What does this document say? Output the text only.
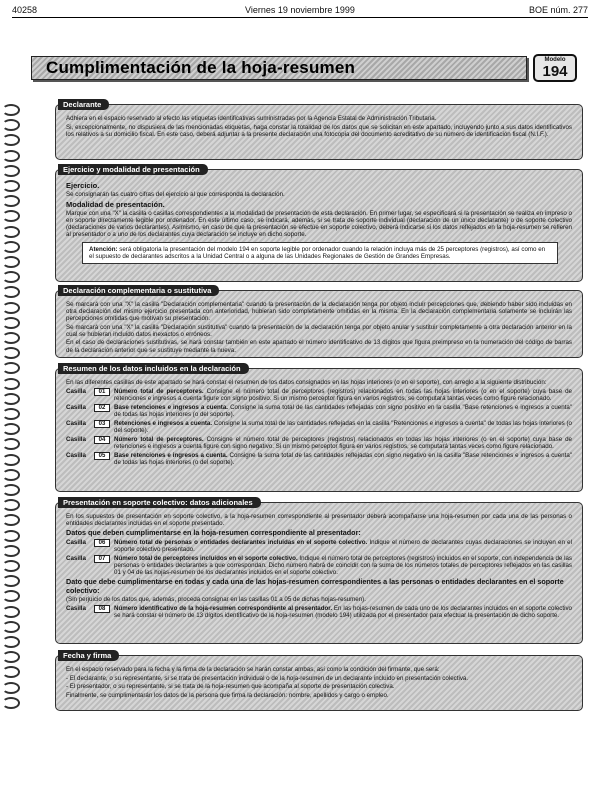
40258	Viernes 19 noviembre 1999	BOE núm. 277
Cumplimentación de la hoja-resumen	Modelo
194
Declarante

Adhiera en el espacio reservado al efecto las etiquetas identificativas suministradas por la Agencia Estatal de Administración Tributaria.

Si, excepcionalmente, no dispusiera de las mencionadas etiquetas, haga constar la totalidad de los datos que se solicitan en este apartado, incluyendo junto a sus datos identificativos los relativos a su domicilio fiscal. En este caso, deberá adjuntar a la presente declaración una fotocopia del documento acreditativo de su número de identificación fiscal (N.I.F.).

Ejercicio y modalidad de presentación
Ejercicio.

Se consignarán las cuatro cifras del ejercicio al que corresponda la declaración.

Modalidad de presentación.

Marque con una "X" la casilla o casillas correspondientes a la modalidad de presentación de esta declaración. En primer lugar, se especificará si la presentación se realiza en impreso o en soporte directamente legible por ordenador. En este último caso, se indicará, además, si se trata de soporte individual (declaración de un único declarante) o de soporte colectivo (declaraciones de varios declarantes). Asimismo, en caso de que la presentación se efectúe en soporte colectivo, deberá indicarse si los datos reflejados en la hoja-resumen se refieren al presentador o a uno de los declarantes cuya declaración se incluye en dicho soporte.

Atención: será obligatoria la presentación del modelo 194 en soporte legible por ordenador cuando la relación incluya más de 25 perceptores (registros), así como en el supuesto de declarantes adscritos a la Unidad Central o a alguna de las Unidades Regionales de Gestión de Grandes Empresas.
Declaración complementaria o sustitutiva

Se marcará con una "X" la casilla "Declaración complementaria" cuando la presentación de la declaración tenga por objeto incluir percepciones que, debiendo haber sido incluidas en otra declaración del mismo ejercicio presentada con anterioridad, hubieran sido completamente omitidas en la misma. En la declaración complementaria solamente se incluirán las percepciones omitidas que motivan su presentación.

Se marcará con una "X" la casilla "Declaración sustitutiva" cuando la presentación de la declaración tenga por objeto anular y sustituir completamente a otra declaración anterior en la cual se hubieran incluido datos inexactos o erróneos.

En el caso de declaraciones sustitutivas, se hará constar también en este apartado el número identificativo de 13 dígitos que figura preimpreso en la numeración del código de barras de la declaración anterior que se sustituye mediante la nueva.

Resumen de los datos incluidos en la declaración

En las diferentes casillas de este apartado se hará constar el resumen de los datos consignados en las hojas interiores (o en el soporte), con arreglo a la siguiente distribución:

Casilla	01	Número total de perceptores. Consigne el número total de perceptores (registros) relacionados en todas las hojas interiores (o en el soporte) cuya base de retenciones e ingresos a cuenta figure con signo positivo. Si un mismo perceptor figura en varios registros, se computará tantas veces como figure relacionado.
Casilla	02	Base retenciones e ingresos a cuenta. Consigne la suma total de las cantidades reflejadas con signo positivo en la casilla "Base retenciones e ingresos a cuenta" de todas las hojas interiores (o del soporte).
Casilla	03	Retenciones e ingresos a cuenta. Consigne la suma total de las cantidades reflejadas en la casilla "Retenciones e ingresos a cuenta" de todas las hojas interiores (o del soporte).
Casilla	04	Número total de perceptores. Consigne el número total de perceptores (registros) relacionados en todas las hojas interiores (o en el soporte) cuya base de retenciones e ingresos a cuenta figure con signo negativo. Si un mismo perceptor figura en varios registros, se computará tantas veces como figure relacionado.
Casilla	05	Base retenciones e ingresos a cuenta. Consigne la suma total de las cantidades reflejadas con signo negativo en la casilla "Base retenciones e ingresos a cuenta" de todas las hojas interiores (o del soporte).
Presentación en soporte colectivo: datos adicionales

En los supuestos de presentación en soporte colectivo, a la hoja-resumen correspondiente al presentador deberá acompañarse una hoja-resumen por cada una de las personas o entidades declarantes incluidas en el soporte presentado.

Datos que deben cumplimentarse en la hoja-resumen correspondiente al presentador:
Casilla	06	Número total de personas o entidades declarantes incluidas en el soporte colectivo. Indique el número de declarantes cuyas declaraciones se incluyen en el soporte colectivo presentado.
Casilla	07	Número total de perceptores incluidos en el soporte colectivo. Indique el número total de perceptores (registros) incluidos en el soporte, con independencia de las personas o entidades declarantes a que correspondan. Dicho número habrá de coincidir con la suma de los números totales de perceptores reflejados en las casillas 01 y 04 de las hojas-resumen de los declarantes incluidos en el soporte colectivo.
Dato que debe cumplimentarse en todas y cada una de las hojas-resumen correspondientes a las personas o entidades declarantes en el soporte colectivo:

(Sin perjuicio de los datos que, además, proceda consignar en las casillas 01 a 05 de dichas hojas-resumen).

Casilla	08	Número identificativo de la hoja-resumen correspondiente al presentador. En las hojas-resumen de cada uno de los declarantes incluidos en el soporte colectivo se hará constar el número de 13 dígitos identificativo de la hoja-resumen (modelo 194) utilizada por el presentador para efectuar la presentación de dicho soporte.
Fecha y firma

En el espacio reservado para la fecha y la firma de la declaración se harán constar ambas, así como la condición del firmante, que será:

- El declarante, o su representante, si se trata de presentación individual o de la hoja-resumen de un declarante incluido en presentación colectiva.

- El presentador, o su representante, si se trata de la hoja-resumen que acompaña al soporte de presentación colectiva.

Finalmente, se cumplimentarán los datos de la persona que firma la declaración: nombre, apellidos y cargo o empleo.
